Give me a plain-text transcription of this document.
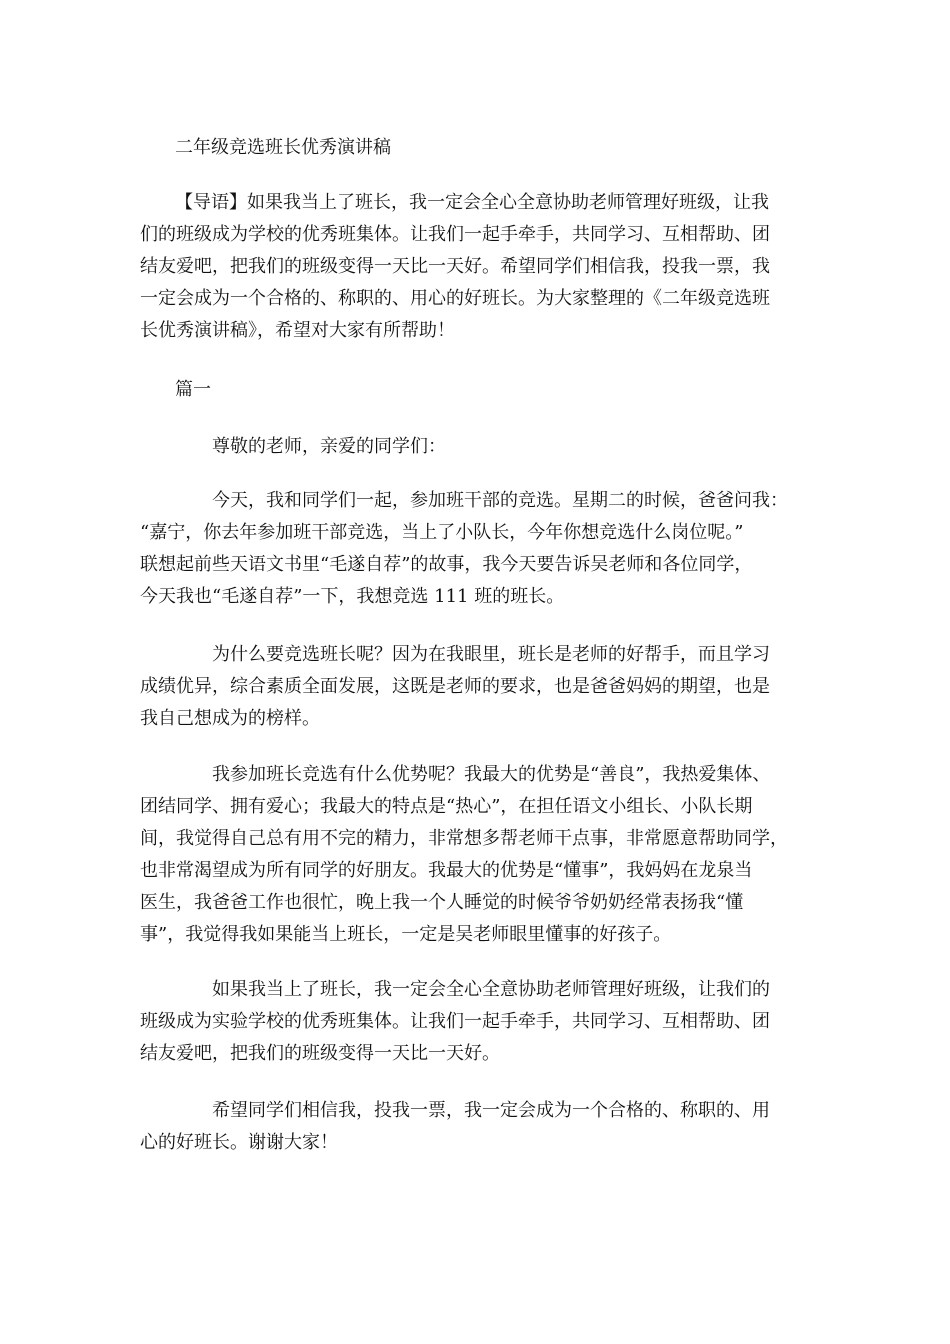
二年级竞选班长优秀演讲稿
【导语】如果我当上了班长，我一定会全心全意协助老师管理好班级，让我
们的班级成为学校的优秀班集体。让我们一起手牵手，共同学习、互相帮助、团
结友爱吧，把我们的班级变得一天比一天好。希望同学们相信我，投我一票，我
一定会成为一个合格的、称职的、用心的好班长。为大家整理的《二年级竞选班
长优秀演讲稿》，希望对大家有所帮助！
篇一
尊敬的老师，亲爱的同学们：
今天，我和同学们一起，参加班干部的竞选。星期二的时候，爸爸问我：
“嘉宁，你去年参加班干部竞选，当上了小队长，今年你想竞选什么岗位呢。”
联想起前些天语文书里“毛遂自荐”的故事，我今天要告诉吴老师和各位同学，
今天我也“毛遂自荐”一下，我想竞选 111 班的班长。
为什么要竞选班长呢？因为在我眼里，班长是老师的好帮手，而且学习
成绩优异，综合素质全面发展，这既是老师的要求，也是爸爸妈妈的期望，也是
我自己想成为的榜样。
我参加班长竞选有什么优势呢？我最大的优势是“善良”，我热爱集体、
团结同学、拥有爱心；我最大的特点是“热心”，在担任语文小组长、小队长期
间，我觉得自己总有用不完的精力，非常想多帮老师干点事，非常愿意帮助同学，
也非常渴望成为所有同学的好朋友。我最大的优势是“懂事”，我妈妈在龙泉当
医生，我爸爸工作也很忙，晚上我一个人睡觉的时候爷爷奶奶经常表扬我“懂
事”，我觉得我如果能当上班长，一定是吴老师眼里懂事的好孩子。
如果我当上了班长，我一定会全心全意协助老师管理好班级，让我们的
班级成为实验学校的优秀班集体。让我们一起手牵手，共同学习、互相帮助、团
结友爱吧，把我们的班级变得一天比一天好。
希望同学们相信我，投我一票，我一定会成为一个合格的、称职的、用
心的好班长。谢谢大家！
